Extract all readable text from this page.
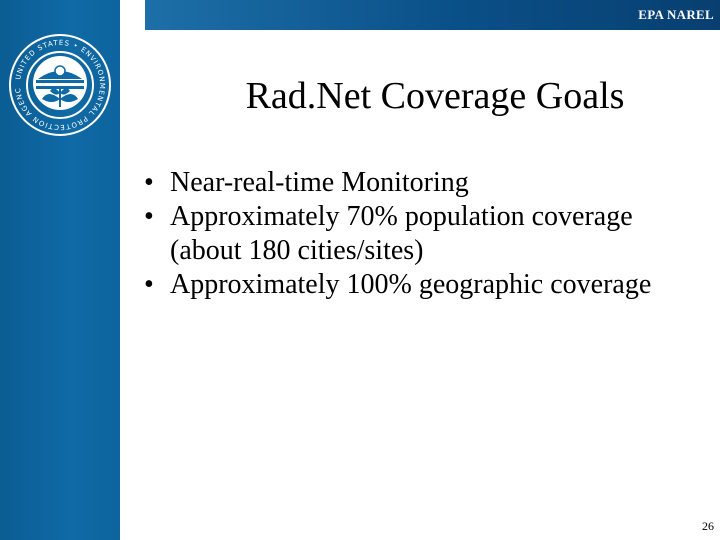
EPA NAREL
UNITED STATES • ENVIRONMENTAL PROTECTION AGENC	Rad.Net Coverage Goals
• Near-real-time Monitoring
• Approximately 70% population coverage (about 180 cities/sites)
• Approximately 100% geographic coverage
26
